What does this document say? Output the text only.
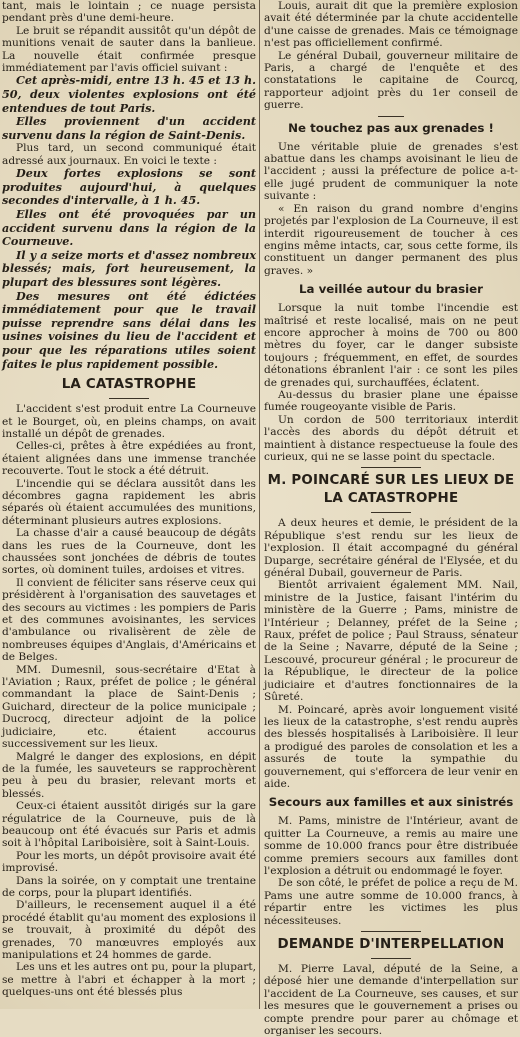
tant, mais le lointain ; ce nuage persista pendant près d'une demi-heure.

Le bruit se répandit aussitôt qu'un dépôt de munitions venait de sauter dans la banlieue. La nouvelle était confirmée presque immédiatement par l'avis officiel suivant :

Cet après-midi, entre 13 h. 45 et 13 h. 50, deux violentes explosions ont été entendues de tout Paris.

Elles proviennent d'un accident survenu dans la région de Saint-Denis.

Plus tard, un second communiqué était adressé aux journaux. En voici le texte :

Deux fortes explosions se sont produites aujourd'hui, à quelques secondes d'intervalle, à 1 h. 45.

Elles ont été provoquées par un accident survenu dans la région de la Courneuve.

Il y a seize morts et d'assez nombreux blessés; mais, fort heureusement, la plupart des blessures sont légères.

Des mesures ont été édictées immédiatement pour que le travail puisse reprendre sans délai dans les usines voisines du lieu de l'accident et pour que les réparations utiles soient faites le plus rapidement possible.

LA CATASTROPHE

L'accident s'est produit entre La Courneuve et le Bourget, où, en pleins champs, on avait installé un dépôt de grenades.

Celles-ci, prêtes à être expédiées au front, étaient alignées dans une immense tranchée recouverte. Tout le stock a été détruit.

L'incendie qui se déclara aussitôt dans les décombres gagna rapidement les abris séparés où étaient accumulées des munitions, déterminant plusieurs autres explosions.

La chasse d'air a causé beaucoup de dégâts dans les rues de la Courneuve, dont les chaussées sont jonchées de débris de toutes sortes, où dominent tuiles, ardoises et vitres.

Il convient de féliciter sans réserve ceux qui présidèrent à l'organisation des sauvetages et des secours au victimes : les pompiers de Paris et des communes avoisinantes, les services d'ambulance ou rivalisèrent de zèle de nombreuses équipes d'Anglais, d'Américains et de Belges.

MM. Dumesnil, sous-secrétaire d'Etat à l'Aviation ; Raux, préfet de police ; le général commandant la place de Saint-Denis ; Guichard, directeur de la police municipale ; Ducrocq, directeur adjoint de la police judiciaire, etc. étaient accourus successivement sur les lieux.

Malgré le danger des explosions, en dépit de la fumée, les sauveteurs se rapprochèrent peu à peu du brasier, relevant morts et blessés.

Ceux-ci étaient aussitôt dirigés sur la gare régulatrice de la Courneuve, puis de là beaucoup ont été évacués sur Paris et admis soit à l'hôpital Lariboisière, soit à Saint-Louis.

Pour les morts, un dépôt provisoire avait été improvisé.

Dans la soirée, on y comptait une trentaine de corps, pour la plupart identifiés.

D'ailleurs, le recensement auquel il a été procédé établit qu'au moment des explosions il se trouvait, à proximité du dépôt des grenades, 70 manœuvres employés aux manipulations et 24 hommes de garde.

Les uns et les autres ont pu, pour la plupart, se mettre à l'abri et échapper à la mort ; quelques-uns ont été blessés plus

Louis, aurait dit que la première explosion avait été déterminée par la chute accidentelle d'une caisse de grenades. Mais ce témoignage n'est pas officiellement confirmé.

Le général Dubail, gouverneur militaire de Paris, a chargé de l'enquête et des constatations le capitaine de Courcq, rapporteur adjoint près du 1er conseil de guerre.

Ne touchez pas aux grenades !

Une véritable pluie de grenades s'est abattue dans les champs avoisinant le lieu de l'accident ; aussi la préfecture de police a-t-elle jugé prudent de communiquer la note suivante :

« En raison du grand nombre d'engins projetés par l'explosion de La Courneuve, il est interdit rigoureusement de toucher à ces engins même intacts, car, sous cette forme, ils constituent un danger permanent des plus graves. »

La veillée autour du brasier

Lorsque la nuit tombe l'incendie est maîtrisé et reste localisé, mais on ne peut encore approcher à moins de 700 ou 800 mètres du foyer, car le danger subsiste toujours ; fréquemment, en effet, de sourdes détonations ébranlent l'air : ce sont les piles de grenades qui, surchauffées, éclatent.

Au-dessus du brasier plane une épaisse fumée rougeoyante visible de Paris.

Un cordon de 500 territoriaux interdit l'accès des abords du dépôt détruit et maintient à distance respectueuse la foule des curieux, qui ne se lasse point du spectacle.

M. POINCARÉ SUR LES LIEUX DE LA CATASTROPHE

A deux heures et demie, le président de la République s'est rendu sur les lieux de l'explosion. Il était accompagné du général Duparge, secrétaire général de l'Elysée, et du général Dubail, gouverneur de Paris.

Bientôt arrivaient également MM. Nail, ministre de la Justice, faisant l'intérim du ministère de la Guerre ; Pams, ministre de l'Intérieur ; Delanney, préfet de la Seine ; Raux, préfet de police ; Paul Strauss, sénateur de la Seine ; Navarre, député de la Seine ; Lescouvé, procureur général ; le procureur de la République, le directeur de la police judiciaire et d'autres fonctionnaires de la Sûreté.

M. Poincaré, après avoir longuement visité les lieux de la catastrophe, s'est rendu auprès des blessés hospitalisés à Lariboisière. Il leur a prodigué des paroles de consolation et les a assurés de toute la sympathie du gouvernement, qui s'efforcera de leur venir en aide.

Secours aux familles et aux sinistrés

M. Pams, ministre de l'Intérieur, avant de quitter La Courneuve, a remis au maire une somme de 10.000 francs pour être distribuée comme premiers secours aux familles dont l'explosion a détruit ou endommagé le foyer.

De son côté, le préfet de police a reçu de M. Pams une autre somme de 10.000 francs, à répartir entre les victimes les plus nécessiteuses.

DEMANDE D'INTERPELLATION

M. Pierre Laval, député de la Seine, a déposé hier une demande d'interpellation sur l'accident de La Courneuve, ses causes, et sur les mesures que le gouvernement a prises ou compte prendre pour parer au chômage et organiser les secours.
